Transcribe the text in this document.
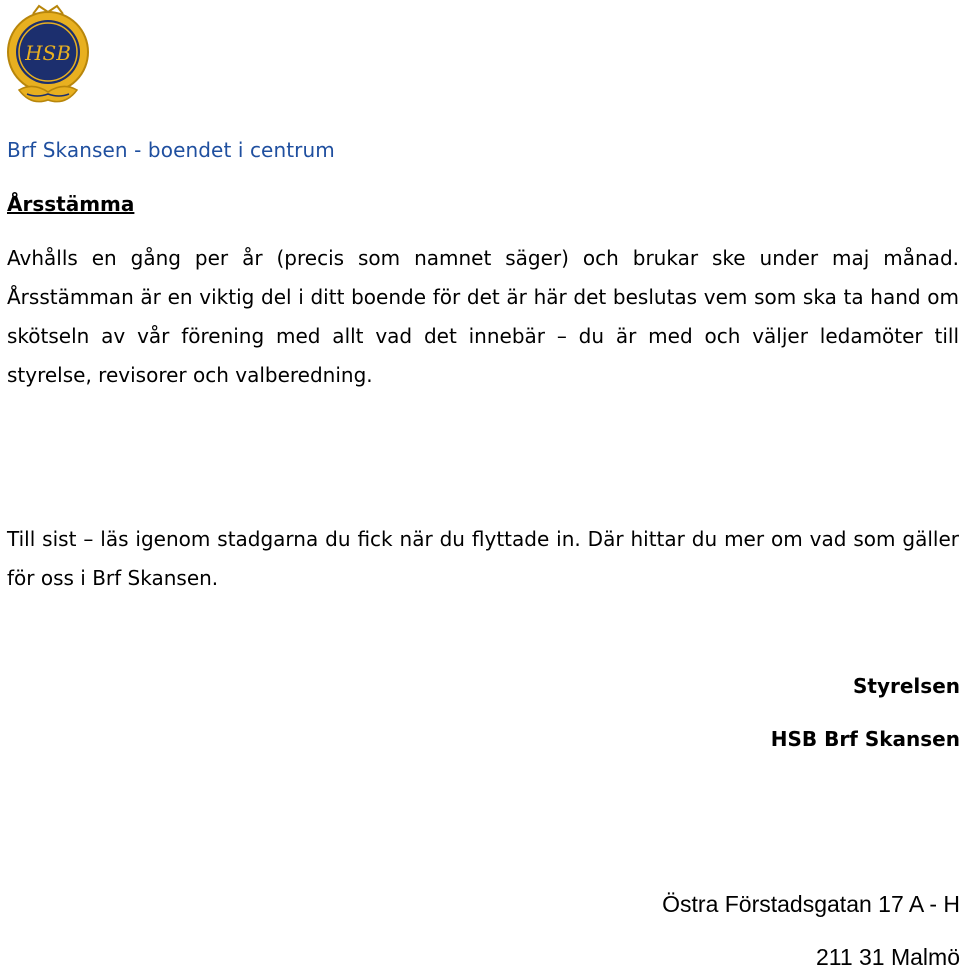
HSB
Brf Skansen - boendet i centrum
Årsstämma

Avhålls en gång per år (precis som namnet säger) och brukar ske under maj månad. Årsstämman är en viktig del i ditt boende för det är här det beslutas vem som ska ta hand om skötseln av vår förening med allt vad det innebär – du är med och väljer ledamöter till styrelse, revisorer och valberedning.

Till sist – läs igenom stadgarna du fick när du flyttade in. Där hittar du mer om vad som gäller för oss i Brf Skansen.

Styrelsen
HSB Brf Skansen
Östra Förstadsgatan 17 A - H
211 31 Malmö
